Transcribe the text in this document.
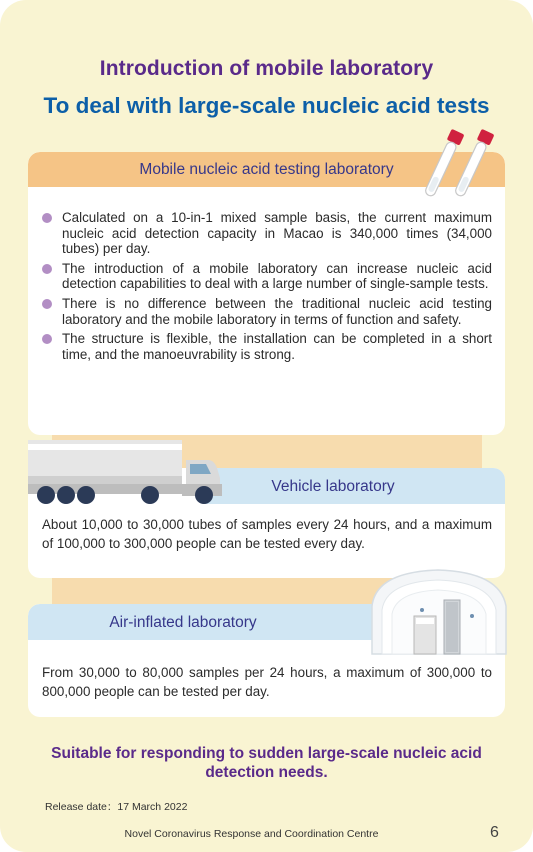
Introduction of mobile laboratory
To deal with large-scale nucleic acid tests
Mobile nucleic acid testing laboratory
Calculated on a 10-in-1 mixed sample basis, the current maximum nucleic acid detection capacity in Macao is 340,000 times (34,000 tubes) per day.
The introduction of a mobile laboratory can increase nucleic acid detection capabilities to deal with a large number of single-sample tests.
There is no difference between the traditional nucleic acid testing laboratory and the mobile laboratory in terms of function and safety.
The structure is flexible, the installation can be completed in a short time, and the manoeuvrability is strong.
Vehicle laboratory
About 10,000 to 30,000 tubes of samples every 24 hours, and a maximum of 100,000 to 300,000 people can be tested every day.
Air-inflated laboratory
From 30,000 to 80,000 samples per 24 hours, a maximum of 300,000 to 800,000 people can be tested per day.
Suitable for responding to sudden large-scale nucleic acid detection needs.
Release date：17 March 2022
Novel Coronavirus Response and Coordination Centre	6
